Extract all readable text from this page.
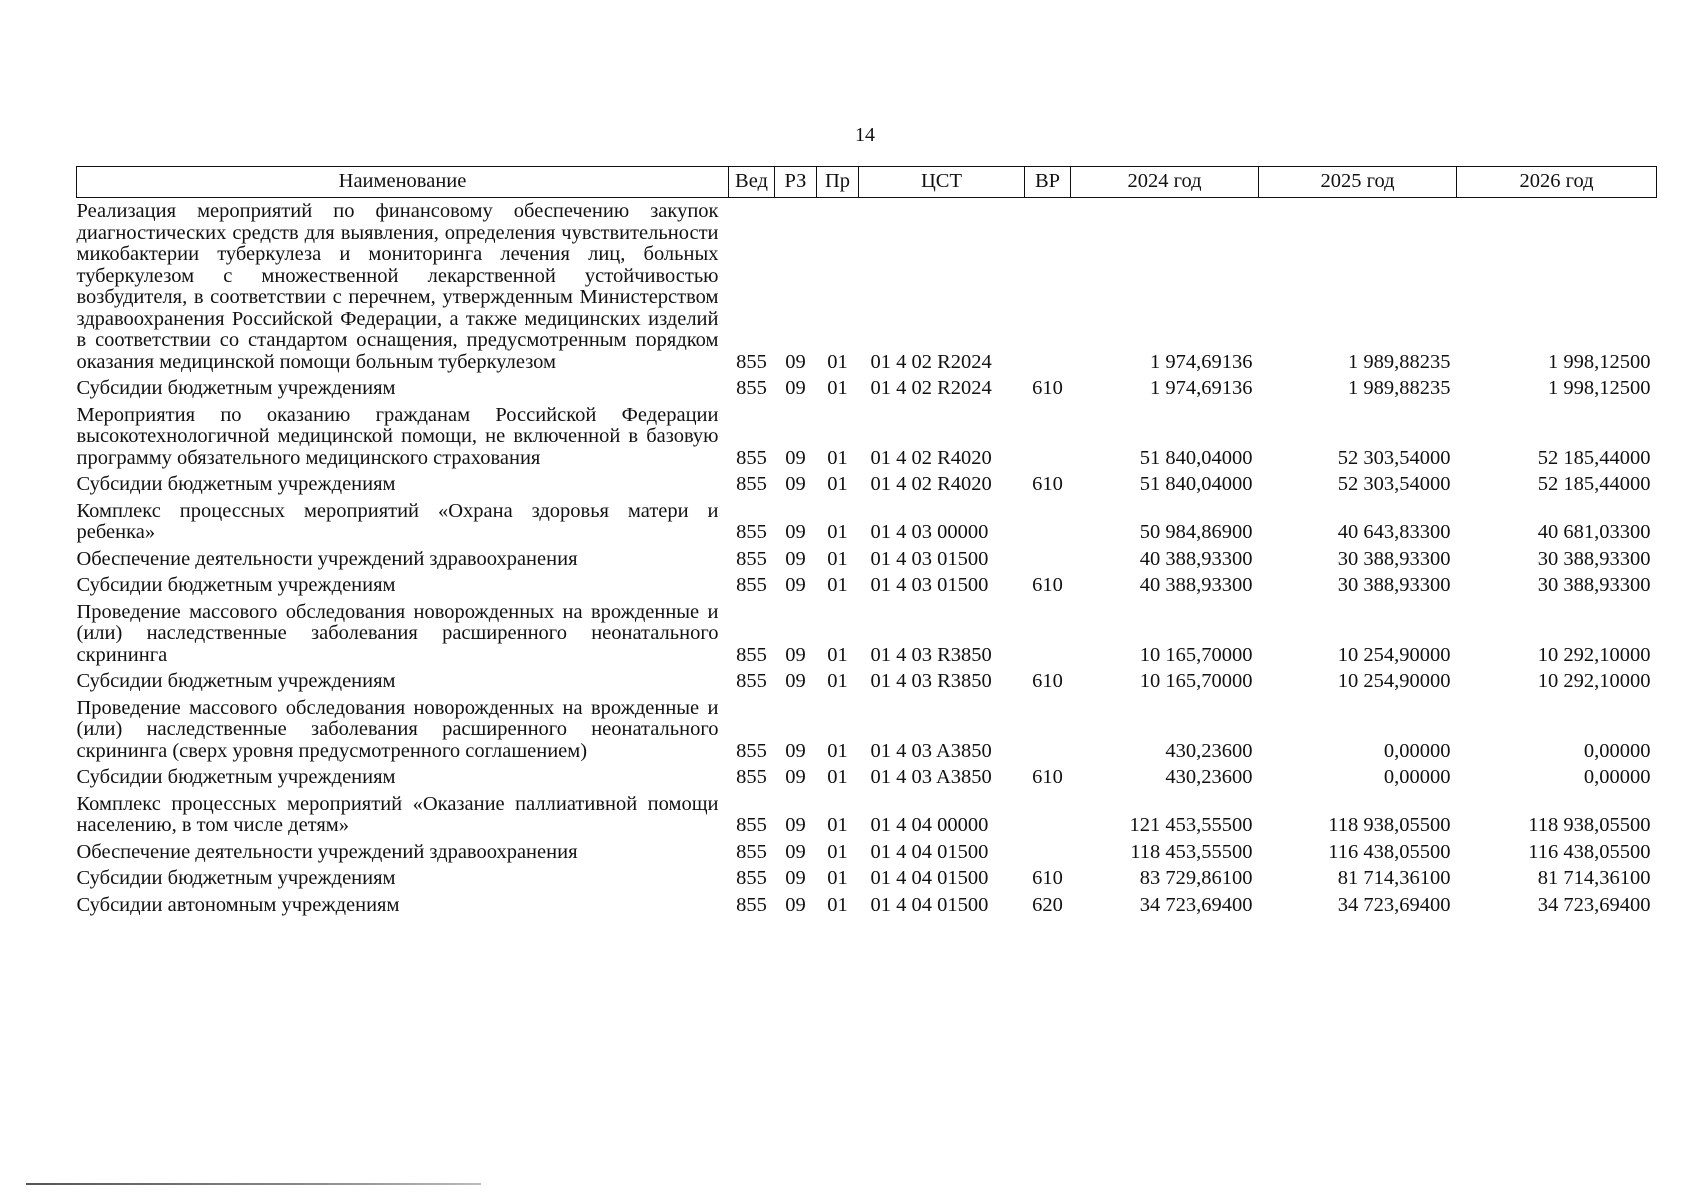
14
Наименование	Вед	РЗ	Пр	ЦСТ	ВР	2024 год	2025 год	2026 год
Реализация мероприятий по финансовому обеспечению закупок диагностических средств для выявления, определения чувствительности микобактерии туберкулеза и мониторинга лечения лиц, больных туберкулезом с множественной лекарственной устойчивостью возбудителя, в соответствии с перечнем, утвержденным Министерством здравоохранения Российской Федерации, а также медицинских изделий в соответствии со стандартом оснащения, предусмотренным порядком оказания медицинской помощи больным туберкулезом	855	09	01	01 4 02 R2024		1 974,69136	1 989,88235	1 998,12500
Субсидии бюджетным учреждениям	855	09	01	01 4 02 R2024	610	1 974,69136	1 989,88235	1 998,12500
Мероприятия по оказанию гражданам Российской Федерации высокотехнологичной медицинской помощи, не включенной в базовую программу обязательного медицинского страхования	855	09	01	01 4 02 R4020		51 840,04000	52 303,54000	52 185,44000
Субсидии бюджетным учреждениям	855	09	01	01 4 02 R4020	610	51 840,04000	52 303,54000	52 185,44000
Комплекс процессных мероприятий «Охрана здоровья матери и ребенка»	855	09	01	01 4 03 00000		50 984,86900	40 643,83300	40 681,03300
Обеспечение деятельности учреждений здравоохранения	855	09	01	01 4 03 01500		40 388,93300	30 388,93300	30 388,93300
Субсидии бюджетным учреждениям	855	09	01	01 4 03 01500	610	40 388,93300	30 388,93300	30 388,93300
Проведение массового обследования новорожденных на врожденные и (или) наследственные заболевания расширенного неонатального скрининга	855	09	01	01 4 03 R3850		10 165,70000	10 254,90000	10 292,10000
Субсидии бюджетным учреждениям	855	09	01	01 4 03 R3850	610	10 165,70000	10 254,90000	10 292,10000
Проведение массового обследования новорожденных на врожденные и (или) наследственные заболевания расширенного неонатального скрининга (сверх уровня предусмотренного соглашением)	855	09	01	01 4 03 A3850		430,23600	0,00000	0,00000
Субсидии бюджетным учреждениям	855	09	01	01 4 03 A3850	610	430,23600	0,00000	0,00000
Комплекс процессных мероприятий «Оказание паллиативной помощи населению, в том числе детям»	855	09	01	01 4 04 00000		121 453,55500	118 938,05500	118 938,05500
Обеспечение деятельности учреждений здравоохранения	855	09	01	01 4 04 01500		118 453,55500	116 438,05500	116 438,05500
Субсидии бюджетным учреждениям	855	09	01	01 4 04 01500	610	83 729,86100	81 714,36100	81 714,36100
Субсидии автономным учреждениям	855	09	01	01 4 04 01500	620	34 723,69400	34 723,69400	34 723,69400
